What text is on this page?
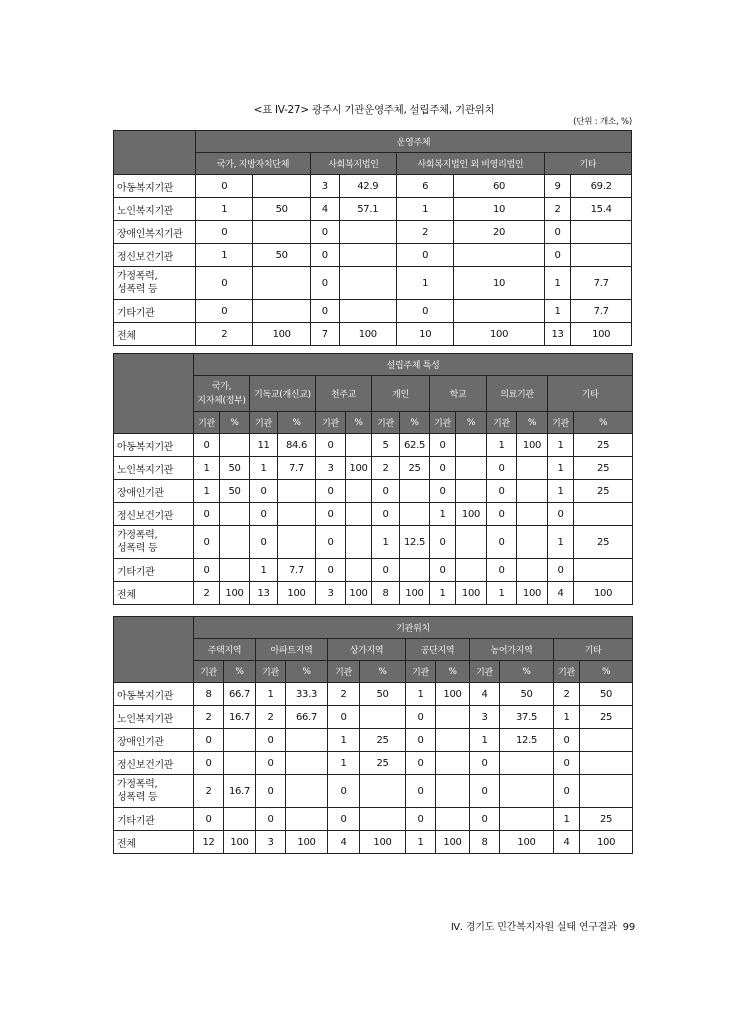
<표 IV-27> 광주시 기관운영주체, 설립주체, 기관위치
(단위 : 개소, %)
	운영주체							
	국가, 지방자치단체		사회복지법인		사회복지법인 외 비영리법인		기타	
아동복지기관	0		3	42.9	6	60	9	69.2
노인복지기관	1	50	4	57.1	1	10	2	15.4
장애인복지기관	0		0		2	20	0	
정신보건기관	1	50	0		0		0	
가정폭력,
성폭력 등	0		0		1	10	1	7.7
기타기관	0		0		0		1	7.7
전체	2	100	7	100	10	100	13	100
	설립주체 특성													
	국가,
지자체(정부)		기독교(개신교)		천주교		개인		학교		의료기관		기타	
	기관	%	기관	%	기관	%	기관	%	기관	%	기관	%	기관	%
아동복지기관	0		11	84.6	0		5	62.5	0		1	100	1	25
노인복지기관	1	50	1	7.7	3	100	2	25	0		0		1	25
장애인기관	1	50	0		0		0		0		0		1	25
정신보건기관	0		0		0		0		1	100	0		0	
가정폭력,
성폭력 등	0		0		0		1	12.5	0		0		1	25
기타기관	0		1	7.7	0		0		0		0		0	
전체	2	100	13	100	3	100	8	100	1	100	1	100	4	100
	기관위치											
	주택지역		아파트지역		상가지역		공단지역		농어가지역		기타	
	기관	%	기관	%	기관	%	기관	%	기관	%	기관	%
아동복지기관	8	66.7	1	33.3	2	50	1	100	4	50	2	50
노인복지기관	2	16.7	2	66.7	0		0		3	37.5	1	25
장애인기관	0		0		1	25	0		1	12.5	0	
정신보건기관	0		0		1	25	0		0		0	
가정폭력,
성폭력 등	2	16.7	0		0		0		0		0	
기타기관	0		0		0		0		0		1	25
전체	12	100	3	100	4	100	1	100	8	100	4	100
Ⅳ. 경기도 민간복지자원 실태 연구결과 99
